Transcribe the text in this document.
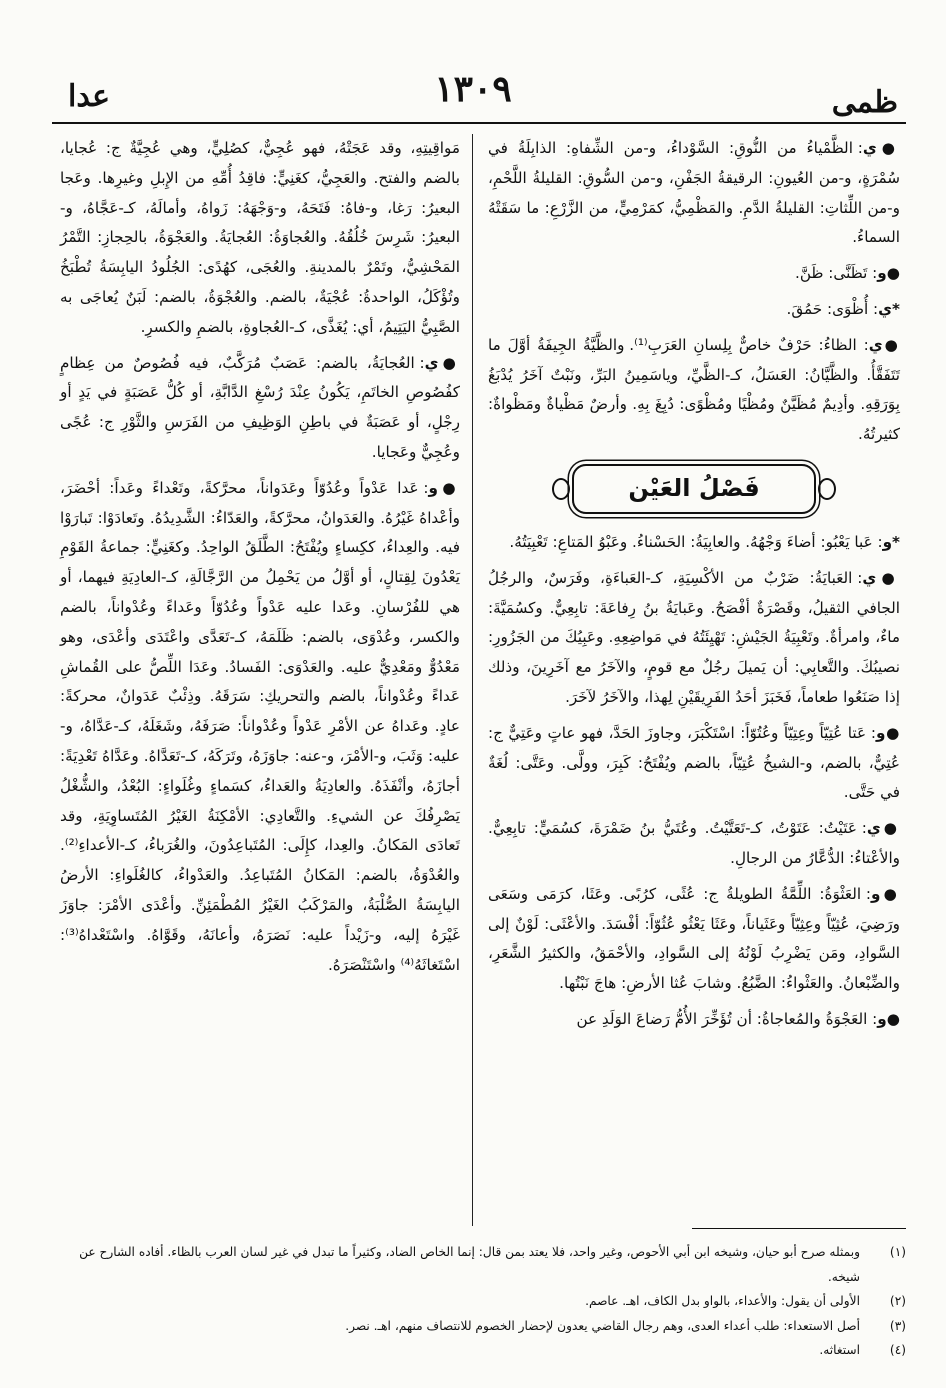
ظمى
١٣٠٩
عدا

●ي: الظَّمْياءُ من النُّوقِ: السَّوْداءُ، و-من الشِّفاهِ: الذابِلَةُ في سُمْرَةٍ، و-من العُيونِ: الرقيقةُ الجَفْنِ، و-من السُّوقِ: القليلةُ اللَّحْمِ، و-من اللِّثاتِ: القليلةُ الدَّمِ. والمَظْمِيُّ، كمَرْمِيٍّ، من الزَّرْعِ: ما سَقَتْهُ السماءُ.

●و: تَظَنَّى: ظَنَّ.

*ي: أُظْوَى: حَمُقَ.

●ي: الظاءُ: حَرْفٌ خاصٌّ بِلِسانِ العَرَبِ⁽¹⁾. والظَّيَّةُ الجِيفَةُ أوَّلَ ما تَتَفَقَّأُ. والظَّيَّانُ: العَسَلُ، كـ-الظَّيِّ، وياسَمِينُ البَرِّ، ونَبْتٌ آخَرُ يُدْبَغُ بِوَرَقِهِ. وأدِيمٌ مُظَيَّنٌ ومُظْيًا ومُظْوًى: دُبِغَ بِهِ. وأرضٌ مَظْياةٌ ومَظْواةٌ: كثيرتُهُ.

فَصْلُ العَيْن

*و: عَبا يَعْبُو: أضاءَ وَجْهُهُ. والعابِيَةُ: الحَسْناءُ. وعَبْوُ المَتاعِ: تَعْبِيَتُهُ.

●ي: العَبايَةُ: ضَرْبٌ من الأكْسِيَةِ، كـ-العَباءَةِ، وفَرَسٌ، والرجُلُ الجافي الثقيلُ، وقَصْرَةٌ أفْصَحُ. وعَبايَةُ بنُ رِفاعَةَ: تابِعِيٌّ. وكسُمَيَّةَ: ماءٌ، وامرأةٌ. وتَعْبِيَةُ الجَيْشِ: تَهْيِئَتُهُ في مَواضِعِهِ. وعَبِيُكَ من الجَزُورِ: نصيبُكَ. والتَّعابِي: أن يَميلَ رجُلٌ مع قومٍ، والآخَرُ مع آخَرِينَ، وذلك إذا صَنَعُوا طعاماً، فَخَبَزَ أحَدُ الفَرِيقَيْنِ لِهذا، والآخَرُ لآخَرَ.

●و: عَتا عُتِيّاً وعِتِيّاً وعُتُوّاً: اسْتَكْبَرَ، وجاوزَ الحَدَّ، فهو عاتٍ وعَتِيٌّ ج: عُتِيٌّ، بالضم، و-الشيخُ عُتِيّاً، بالضم ويُفْتَحُ: كَبِرَ، وولَّى. وعَتَّى: لُغَةٌ في حَتَّى.

●ي: عَتَيْتُ: عَتَوْتُ، كـ-تَعَتَّيْتُ. وعُتَيُّ بنُ ضَمْرَةَ، كسُمَيٍّ: تابِعِيٌّ. والأعْتاءُ: الدُّعَّارُ من الرجالِ.

●و: العَثْوَةُ: اللِّمَّةُ الطويلةُ ج: عُثًى، كرُبًى. وعَثَا، كرَمَى وسَعَى ورَضِيَ، عُثِيّاً وعِثِيّاً وعَثَياناً، وعَثَا يَعْثُو عُثُوّاً: أفْسَدَ. والأعْثَى: لَوْنٌ إلى السَّوادِ، ومَن يَضْرِبُ لَوْنُهُ إلى السَّوادِ، والأحْمَقُ، والكثيرُ الشَّعَرِ، والضِّبْعانُ. والعَثْواءُ: الضَّبُعُ. وشابَ عُثا الأرضِ: هاجَ نَبْتُها.

●و: العَجْوَةُ والمُعاجاةُ: أن تُؤَخِّرَ الأُمُّ رَضاعَ الوَلَدِ عن

مَواقِيتِهِ، وقد عَجَتْهُ، فهو عُجِيٌّ، كصُلِيٍّ، وهي عُجِيَّةٌ ج: عُجايا، بالضم والفتح. والعَجِيُّ، كغَنِيٍّ: فاقِدُ أُمِّهِ من الإِبلِ وغيرِها. وعَجا البعيرُ: رَغا، و-فاهُ: فَتَحَهُ، و-وَجْهَهُ: زَواهُ، وأمالَهُ، كـ-عَجَّاهُ، و-البعيرُ: شَرِسَ خُلُقُهُ. والعُجاوَةُ: العُجايَةُ. والعَجْوَةُ، بالحِجازِ: التَّمْرُ المَحْشِيُّ، وتَمْرٌ بالمدينةِ. والعُجَى، كهُدًى: الجُلُودُ اليابِسَةُ تُطْبَخُ وتُؤْكَلُ، الواحدةُ: عُجْيَةٌ، بالضم. والعُجْوَةُ، بالضم: لَبَنٌ يُعاجَى به الصَّبِيُّ اليَتِيمُ، أي: يُغَذَّى، كـ-العُجاوةِ، بالضمِ والكسرِ.

●ي: العُجايَةُ، بالضم: عَصَبٌ مُرَكَّبٌ، فيه فُصُوصٌ من عِظامٍ كفُصُوصِ الخاتَمِ، يَكُونُ عِنْدَ رُسْغِ الدَّابَّةِ، أو كُلُّ عَصَبَةٍ في يَدٍ أو رِجْلٍ، أو عَصَبَةٌ في باطِنِ الوَظِيفِ من الفَرَسِ والثَّوْرِ ج: عُجًى وعُجِيٌّ وعَجايا.

●و: عَدا عَدْواً وعُدُوّاً وعَدَواناً، محرَّكةً، وتَعْداءً وعَداً: أحْضَرَ، وأعْداهُ غَيْرُهُ. والعَدَوانُ، محرَّكةً، والعَدّاءُ: الشَّدِيدُهُ. وتَعادَوْا: تَبارَوْا فيه. والعِداءُ، ككِساءٍ ويُفْتَحُ: الطَّلَقُ الواحِدُ. وكغَنِيٍّ: جماعةُ القَوْمِ يَعْدُونَ لِقِتالٍ، أو أوَّلُ من يَحْمِلُ من الرَّجَّالَةِ، كـ-العادِيَةِ فيهما، أو هي للفُرْسانِ. وعَدا عليه عَدْواً وعُدُوّاً وعَداءً وعُدْواناً، بالضم والكسر، وعُدْوَى، بالضم: ظَلَمَهُ، كـ-تَعَدَّى واعْتَدَى وأعْدَى، وهو مَعْدُوٌّ ومَعْدِيٌّ عليه. والعَدْوَى: الفَسادُ. وعَدَا اللِّصُّ على القُماشِ عَداءً وعُدْواناً، بالضم والتحريكِ: سَرَقَهُ. وذِئْبٌ عَدَوانٌ، محركةً: عادٍ. وعَداهُ عن الأمْرِ عَدْواً وعُدْواناً: صَرَفَهُ، وشَغَلَهُ، كـ-عَدَّاهُ، و-عليه: وَثَبَ، و-الأمْرَ، و-عنه: جاوَزَهُ، وتَرَكَهُ، كـ-تَعَدَّاهُ. وعَدَّاهُ تَعْدِيَةً: أجازَهُ، وأنْفَذَهُ. والعادِيَةُ والعَداءُ، كسَماءٍ وغُلَواءٍ: البُعْدُ، والشُّغْلُ يَصْرِفُكَ عن الشيءِ. والتَّعادِي: الأمْكِنَةُ الغَيْرُ المُتَساوِيَةِ، وقد تَعادَى المَكانُ. والعِدا، كإِلَى: المُتَباعِدُونَ، والغُرَباءُ، كـ-الأعداءِ⁽²⁾. والعُدْوَةُ، بالضم: المَكانُ المُتَباعِدُ. والعَدْواءُ، كالغُلَواءِ: الأرضُ اليابِسَةُ الصُّلْبَةُ، والمَرْكَبُ الغَيْرُ المُطْمَئِنِّ. وأعْدَى الأمْرَ: جاوَزَ غَيْرَهُ إليه، و-زَيْداً عليه: نَصَرَهُ، وأعانَهُ، وقَوَّاهُ. واسْتَعْداهُ⁽³⁾: اسْتَغاثَهُ⁽⁴⁾ واسْتَنْصَرَهُ.

(١)
وبمثله صرح أبو حيان، وشيخه ابن أبي الأحوص، وغير واحد، فلا يعتد بمن قال: إنما الخاص الضاد، وكثيراً ما تبدل في غير لسان العرب بالظاء. أفاده الشارح عن شيخه.
(٢)
الأولى أن يقول: والأعداء، بالواو بدل الكاف، اهـ. عاصم.
(٣)
أصل الاستعداء: طلب أعداء العدى، وهم رجال القاضي يعدون لإحضار الخصوم للانتصاف منهم، اهـ. نصر.
(٤)
استغاثه.
